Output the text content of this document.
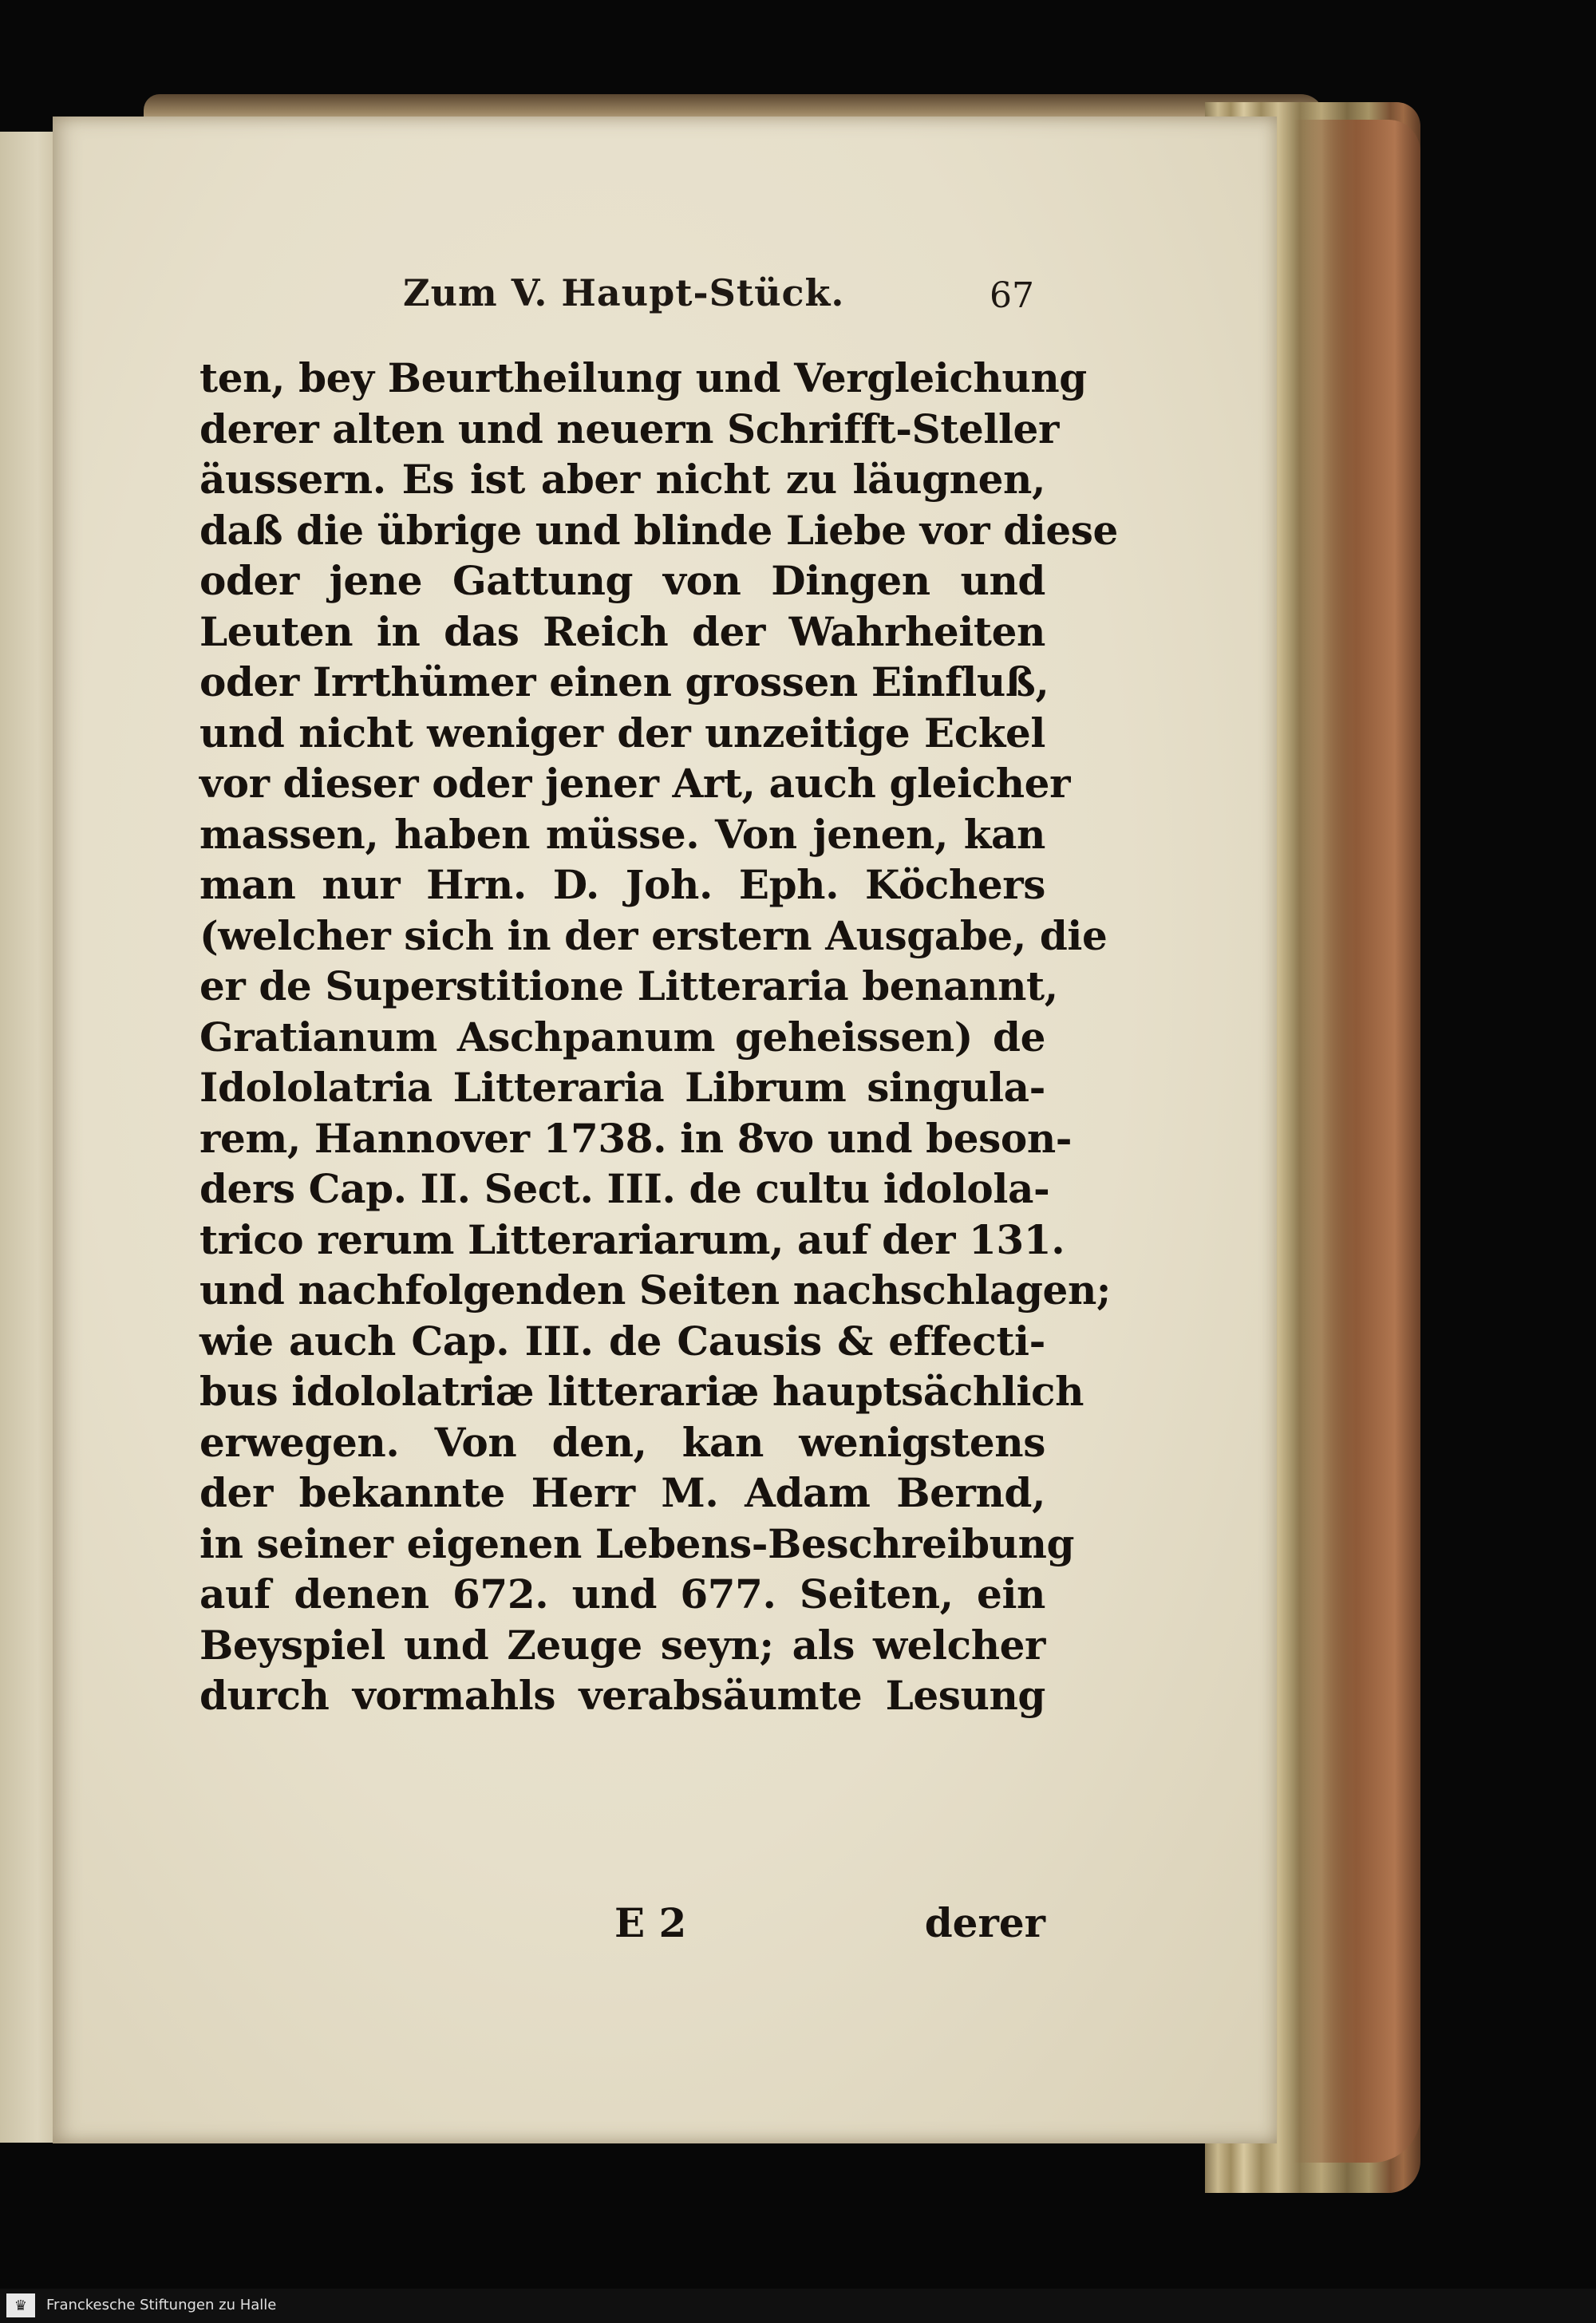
Zum V. Haupt-Stück.	67
ten, bey Beurtheilung und Vergleichung
derer alten und neuern Schrifft-Steller
äussern. Es ist aber nicht zu läugnen,
daß die übrige und blinde Liebe vor diese
oder jene Gattung von Dingen und
Leuten in das Reich der Wahrheiten
oder Irrthümer einen grossen Einfluß,
und nicht weniger der unzeitige Eckel
vor dieser oder jener Art, auch gleicher
massen, haben müsse. Von jenen, kan
man nur Hrn. D. Joh. Eph. Köchers
(welcher sich in der erstern Ausgabe, die
er de Superstitione Litteraria benannt,
Gratianum Aschpanum geheissen) de
Idololatria Litteraria Librum singula-
rem, Hannover 1738. in 8vo und beson-
ders Cap. II. Sect. III. de cultu idolola-
trico rerum Litterariarum, auf der 131.
und nachfolgenden Seiten nachschlagen;
wie auch Cap. III. de Causis & effecti-
bus idololatriæ litterariæ hauptsächlich
erwegen. Von den, kan wenigstens
der bekannte Herr M. Adam Bernd,
in seiner eigenen Lebens-Beschreibung
auf denen 672. und 677. Seiten, ein
Beyspiel und Zeuge seyn; als welcher
durch vormahls verabsäumte Lesung
E 2	derer
♛	Franckesche Stiftungen zu Halle
